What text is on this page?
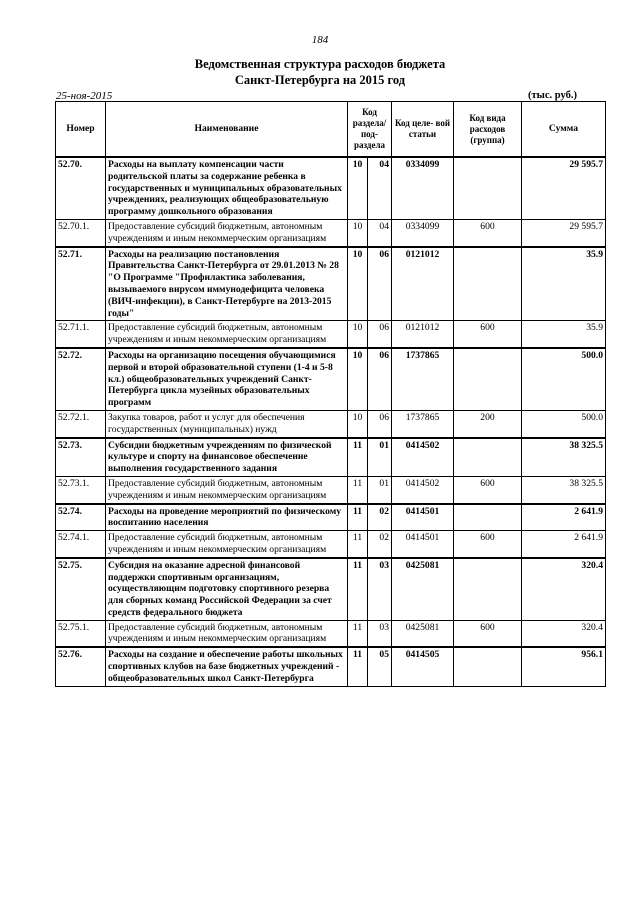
184
Ведомственная структура расходов бюджета
Санкт-Петербурга на 2015 год
25-ноя-2015	(тыс. руб.)
Номер	Наименование	Код раздела/ под- раздела		Код целе- вой статьи	Код вида расходов (группа)	Сумма
52.70.	Расходы на выплату компенсации части родительской платы за содержание ребенка в государственных и муниципальных образовательных учреждениях, реализующих общеобразовательную программу дошкольного образования	10	04	0334099		29 595.7
52.70.1.	Предоставление субсидий бюджетным, автономным учреждениям и иным некоммерческим организациям	10	04	0334099	600	29 595.7
52.71.	Расходы на реализацию постановления Правительства Санкт-Петербурга от 29.01.2013 № 28 "О Программе "Профилактика заболевания, вызываемого вирусом иммунодефицита человека (ВИЧ-инфекции), в Санкт-Петербурге на 2013-2015 годы"	10	06	0121012		35.9
52.71.1.	Предоставление субсидий бюджетным, автономным учреждениям и иным некоммерческим организациям	10	06	0121012	600	35.9
52.72.	Расходы на организацию посещения обучающимися первой и второй образовательной ступени (1-4 и 5-8 кл.) общеобразовательных учреждений Санкт-Петербурга цикла музейных образовательных программ	10	06	1737865		500.0
52.72.1.	Закупка товаров, работ и услуг для обеспечения государственных (муниципальных) нужд	10	06	1737865	200	500.0
52.73.	Субсидии бюджетным учреждениям по физической культуре и спорту на финансовое обеспечение выполнения государственного задания	11	01	0414502		38 325.5
52.73.1.	Предоставление субсидий бюджетным, автономным учреждениям и иным некоммерческим организациям	11	01	0414502	600	38 325.5
52.74.	Расходы на проведение мероприятий по физическому воспитанию населения	11	02	0414501		2 641.9
52.74.1.	Предоставление субсидий бюджетным, автономным учреждениям и иным некоммерческим организациям	11	02	0414501	600	2 641.9
52.75.	Субсидия на оказание адресной финансовой поддержки спортивным организациям, осуществляющим подготовку спортивного резерва для сборных команд Российской Федерации за счет средств федерального бюджета	11	03	0425081		320.4
52.75.1.	Предоставление субсидий бюджетным, автономным учреждениям и иным некоммерческим организациям	11	03	0425081	600	320.4
52.76.	Расходы на создание и обеспечение работы школьных спортивных клубов на базе бюджетных учреждений - общеобразовательных школ Санкт-Петербурга	11	05	0414505		956.1
